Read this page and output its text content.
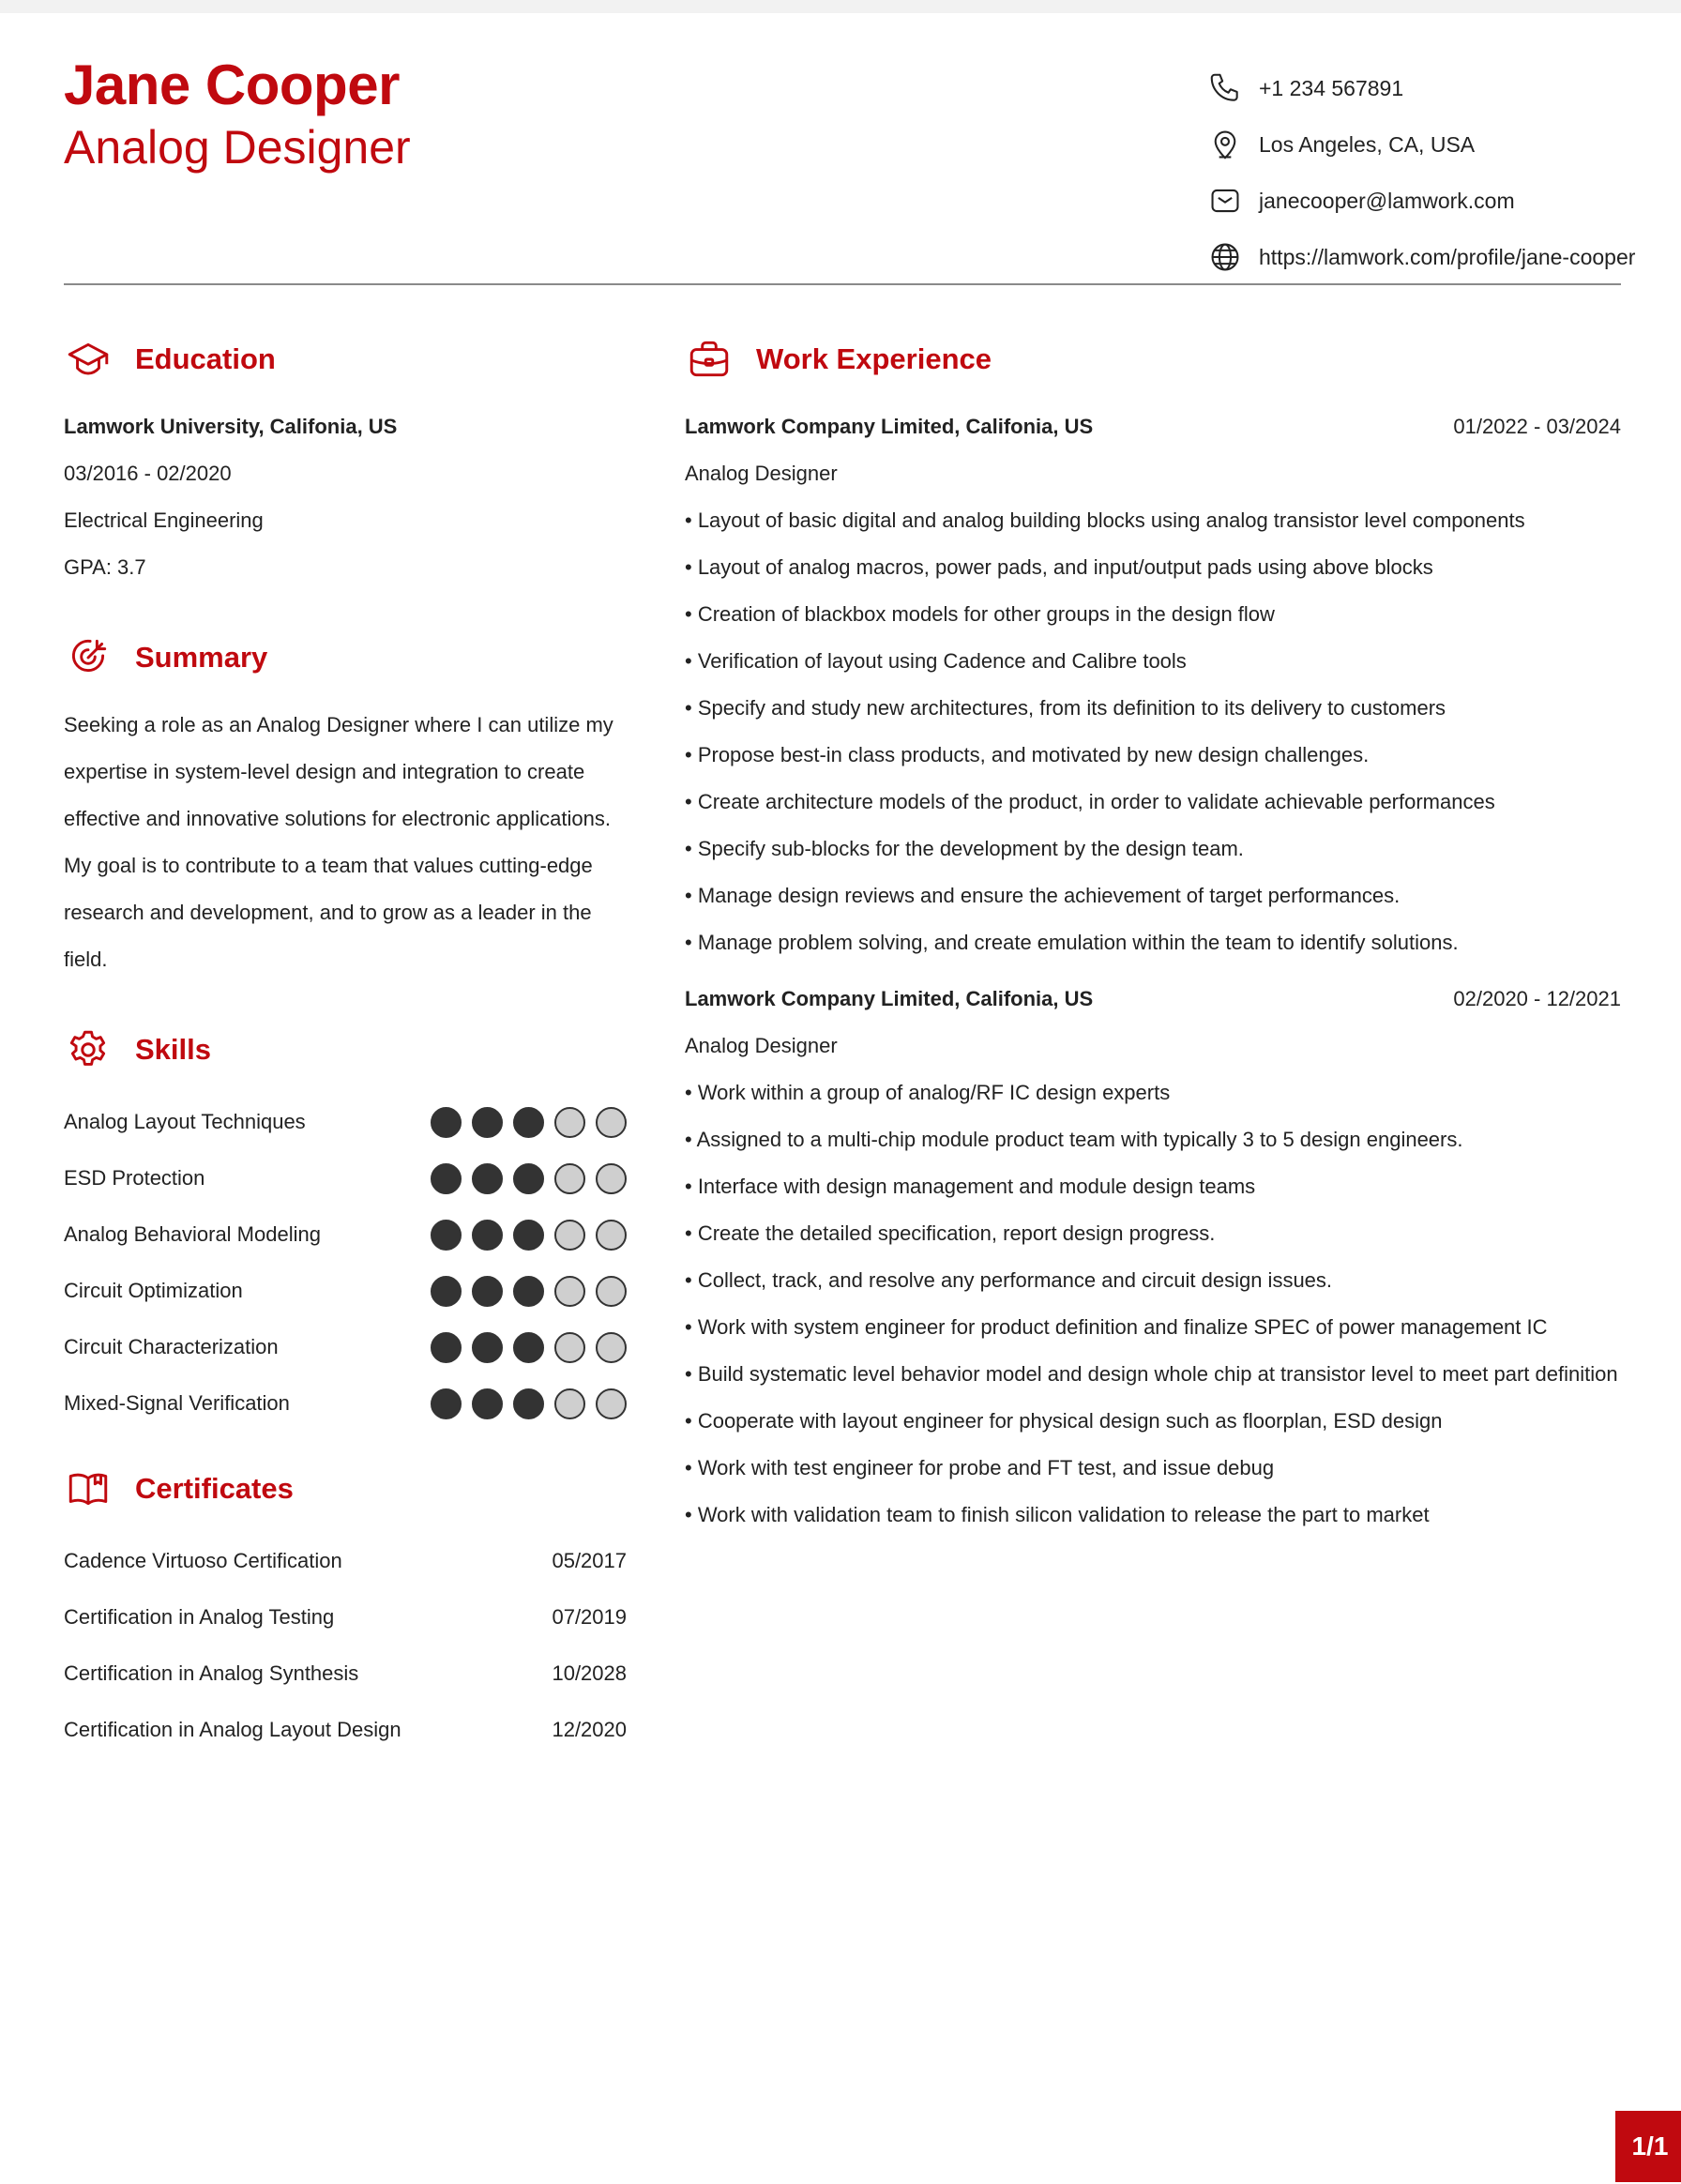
Jane Cooper
Analog Designer
+1 234 567891
Los Angeles, CA, USA
janecooper@lamwork.com
https://lamwork.com/profile/jane-cooper
Education
Lamwork University, Califonia, US
03/2016 - 02/2020
Electrical Engineering
GPA: 3.7
Summary
Seeking a role as an Analog Designer where I can utilize my
expertise in system-level design and integration to create
effective and innovative solutions for electronic applications.
My goal is to contribute to a team that values cutting-edge
research and development, and to grow as a leader in the field.
Skills
Analog Layout Techniques
ESD Protection
Analog Behavioral Modeling
Circuit Optimization
Circuit Characterization
Mixed-Signal Verification
Certificates
Cadence Virtuoso Certification	05/2017
Certification in Analog Testing	07/2019
Certification in Analog Synthesis	10/2028
Certification in Analog Layout Design	12/2020
Work Experience
Lamwork Company Limited, Califonia, US	01/2022 - 03/2024
Analog Designer
• Layout of basic digital and analog building blocks using analog transistor level components
• Layout of analog macros, power pads, and input/output pads using above blocks
• Creation of blackbox models for other groups in the design flow
• Verification of layout using Cadence and Calibre tools
• Specify and study new architectures, from its definition to its delivery to customers
• Propose best-in class products, and motivated by new design challenges.
• Create architecture models of the product, in order to validate achievable performances
• Specify sub-blocks for the development by the design team.
• Manage design reviews and ensure the achievement of target performances.
• Manage problem solving, and create emulation within the team to identify solutions.
Lamwork Company Limited, Califonia, US	02/2020 - 12/2021
Analog Designer
• Work within a group of analog/RF IC design experts
• Assigned to a multi-chip module product team with typically 3 to 5 design engineers.
• Interface with design management and module design teams
• Create the detailed specification, report design progress.
• Collect, track, and resolve any performance and circuit design issues.
• Work with system engineer for product definition and finalize SPEC of power management IC
• Build systematic level behavior model and design whole chip at transistor level to meet part definition
• Cooperate with layout engineer for physical design such as floorplan, ESD design
• Work with test engineer for probe and FT test, and issue debug
• Work with validation team to finish silicon validation to release the part to market
1/1
